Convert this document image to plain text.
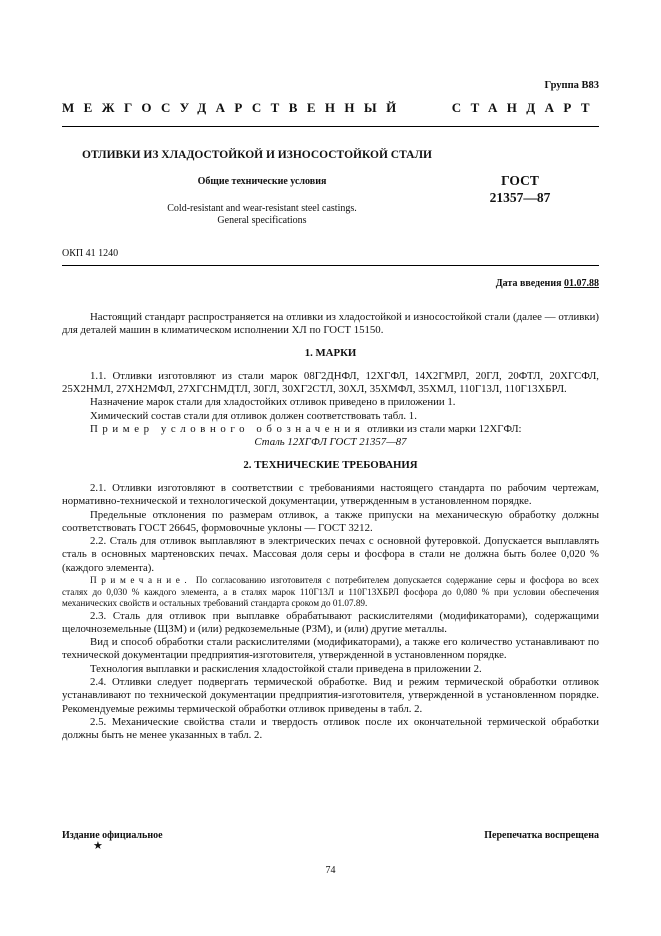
Группа В83
МЕЖГОСУДАРСТВЕННЫЙ	СТАНДАРТ
ОТЛИВКИ ИЗ ХЛАДОСТОЙКОЙ И ИЗНОСОСТОЙКОЙ СТАЛИ
Общие технические условия
Cold-resistant and wear-resistant steel castings.
General specifications
ГОСТ
21357—87
ОКП 41 1240
Дата введения 01.07.88

Настоящий стандарт распространяется на отливки из хладостойкой и износостойкой стали (далее — отливки) для деталей машин в климатическом исполнении ХЛ по ГОСТ 15150.

1. МАРКИ

1.1. Отливки изготовляют из стали марок 08Г2ДНФЛ, 12ХГФЛ, 14Х2ГМРЛ, 20ГЛ, 20ФТЛ, 20ХГСФЛ, 25Х2НМЛ, 27ХН2МФЛ, 27ХГСНМДТЛ, 30ГЛ, 30ХГ2СТЛ, 30ХЛ, 35ХМФЛ, 35ХМЛ, 110Г13Л, 110Г13ХБРЛ.

Назначение марок стали для хладостойких отливок приведено в приложении 1.

Химический состав стали для отливок должен соответствовать табл. 1.

Пример условного обозначения отливки из стали марки 12ХГФЛ:

Сталь 12ХГФЛ ГОСТ 21357—87

2. ТЕХНИЧЕСКИЕ ТРЕБОВАНИЯ

2.1. Отливки изготовляют в соответствии с требованиями настоящего стандарта по рабочим чертежам, нормативно-технической и технологической документации, утвержденным в установленном порядке.

Предельные отклонения по размерам отливок, а также припуски на механическую обработку должны соответствовать ГОСТ 26645, формовочные уклоны — ГОСТ 3212.

2.2. Сталь для отливок выплавляют в электрических печах с основной футеровкой. Допускается выплавлять сталь в основных мартеновских печах. Массовая доля серы и фосфора в стали не должна быть более 0,020 % (каждого элемента).

Примечание. По согласованию изготовителя с потребителем допускается содержание серы и фосфора во всех сталях до 0,030 % каждого элемента, а в сталях марок 110Г13Л и 110Г13ХБРЛ фосфора до 0,080 % при условии обеспечения механических свойств и остальных требований стандарта сроком до 01.07.89.

2.3. Сталь для отливок при выплавке обрабатывают раскислителями (модификаторами), содержащими щелочноземельные (ЩЗМ) и (или) редкоземельные (РЗМ), и (или) другие металлы.

Вид и способ обработки стали раскислителями (модификаторами), а также его количество устанавливают по технической документации предприятия-изготовителя, утвержденной в установленном порядке.

Технология выплавки и раскисления хладостойкой стали приведена в приложении 2.

2.4. Отливки следует подвергать термической обработке. Вид и режим термической обработки отливок устанавливают по технической документации предприятия-изготовителя, утвержденной в установленном порядке. Рекомендуемые режимы термической обработки отливок приведены в табл. 2.

2.5. Механические свойства стали и твердость отливок после их окончательной термической обработки должны быть не менее указанных в табл. 2.

Издание официальное	Перепечатка воспрещена
★
74
